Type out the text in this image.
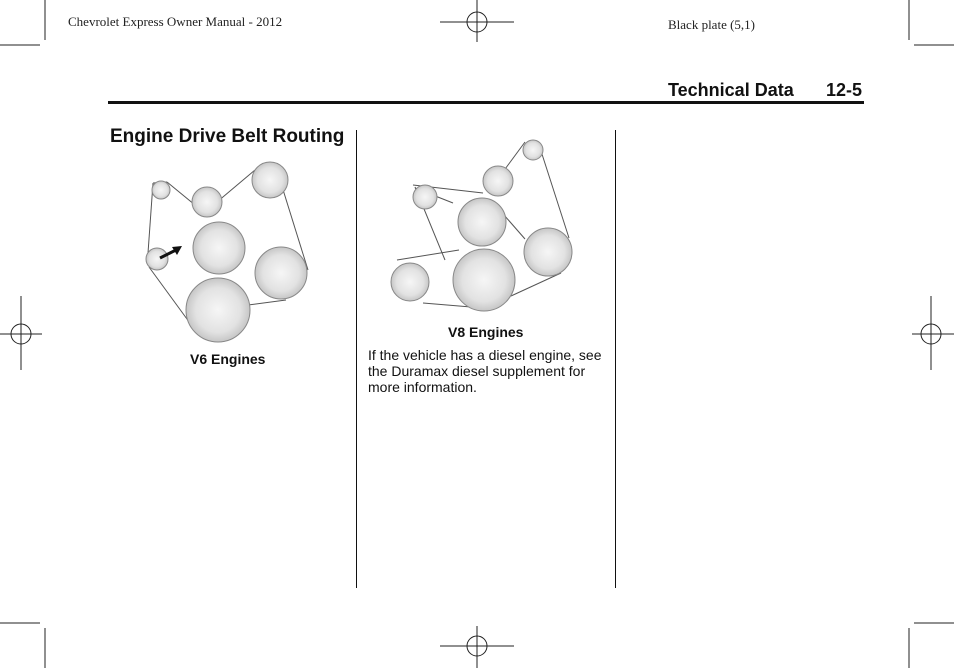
Chevrolet Express Owner Manual - 2012	Black plate (5,1)
Technical Data 12-5
Engine Drive Belt Routing
V6 Engines
V8 Engines
If the vehicle has a diesel engine, see the Duramax diesel supplement for more information.
